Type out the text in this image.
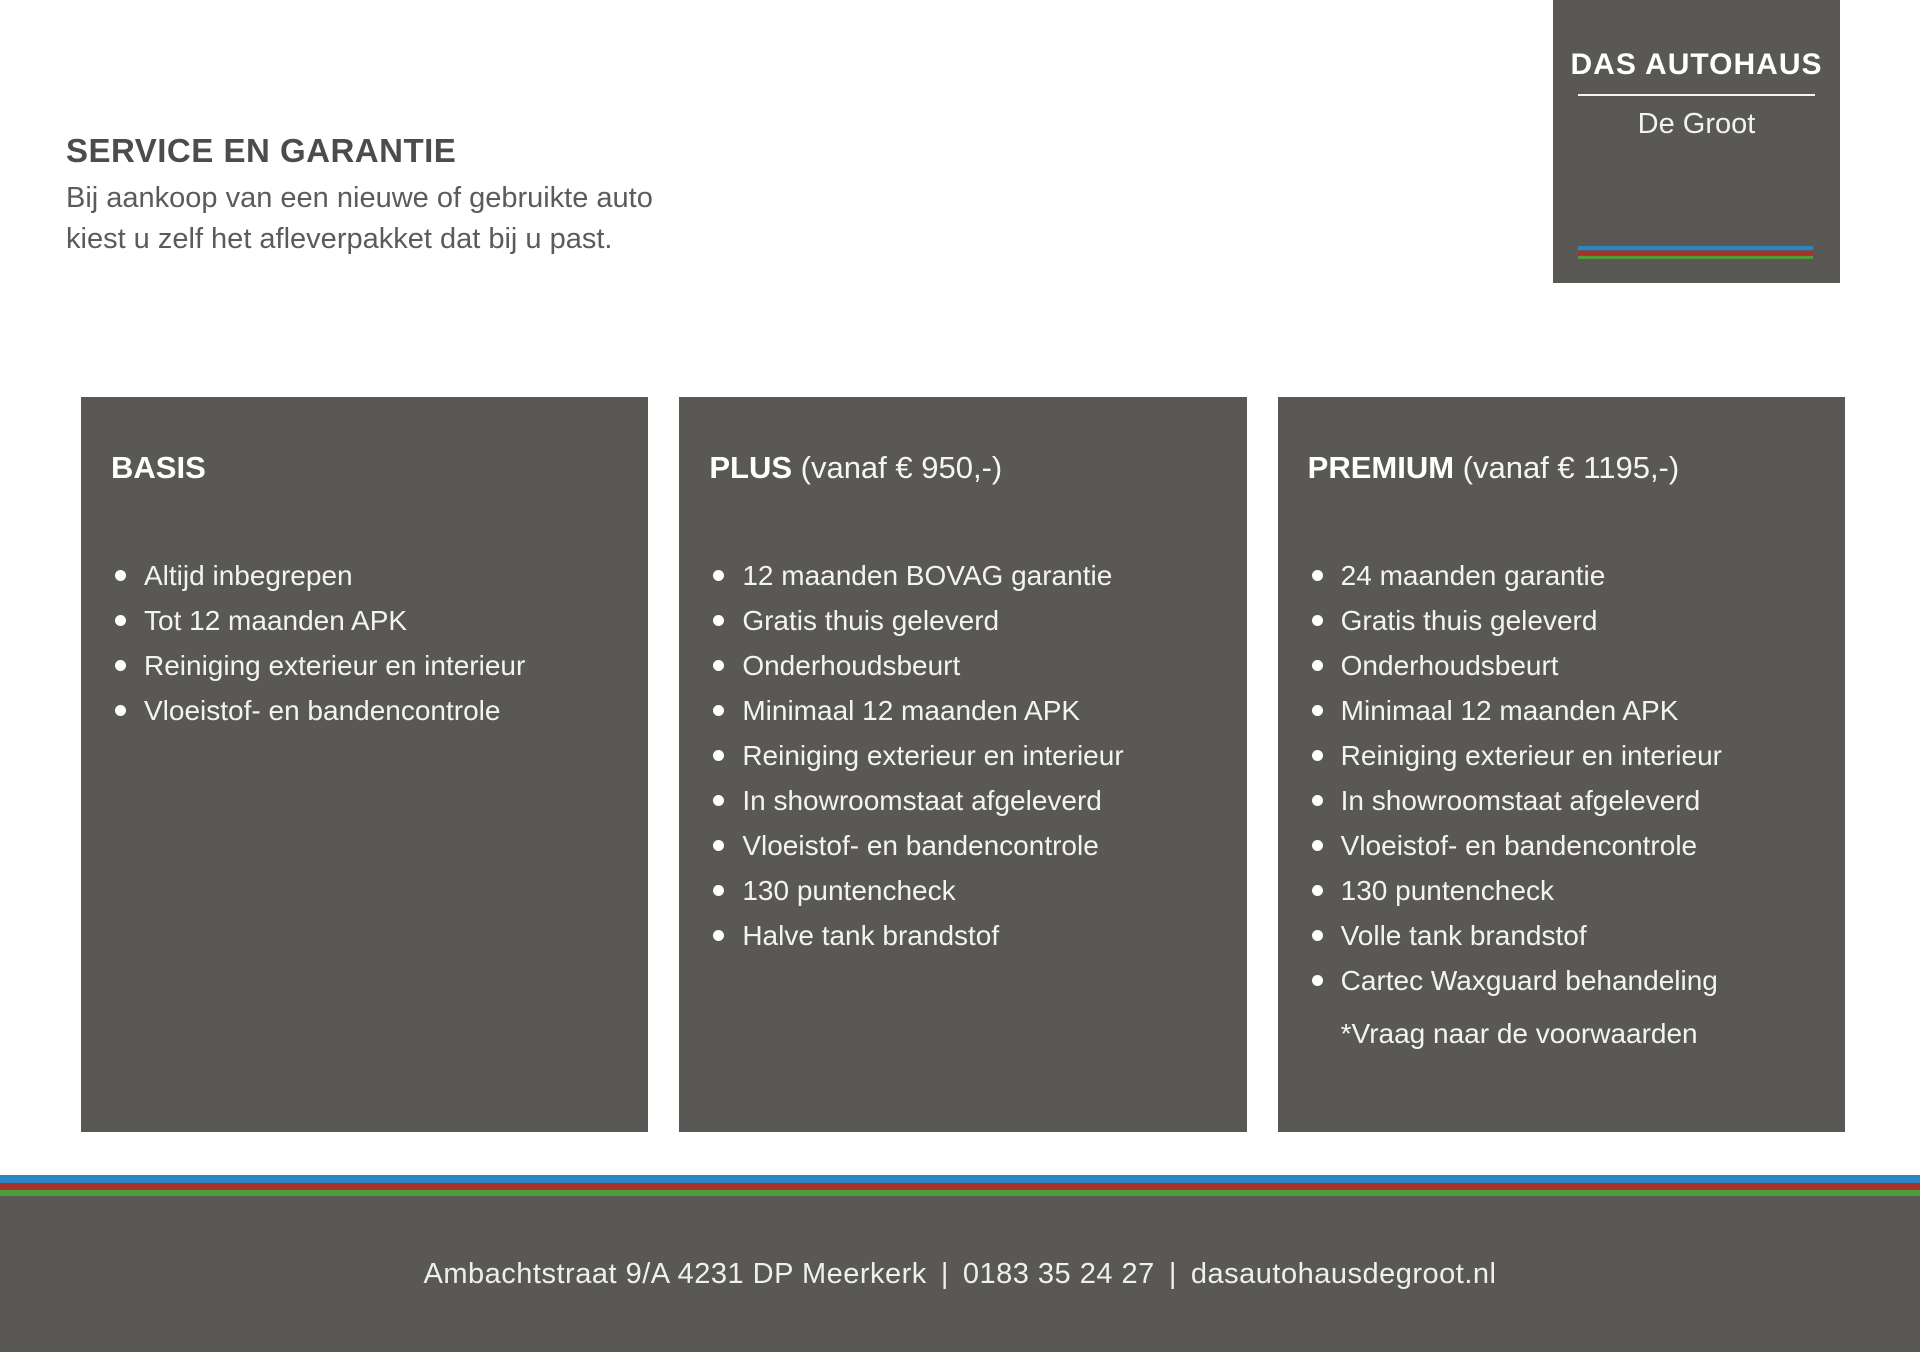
SERVICE EN GARANTIE

Bij aankoop van een nieuwe of gebruikte auto
kiest u zelf het afleverpakket dat bij u past.

DAS AUTOHAUS
De Groot
BASIS
Altijd inbegrepen
Tot 12 maanden APK
Reiniging exterieur en interieur
Vloeistof- en bandencontrole
PLUS (vanaf € 950,-)
12 maanden BOVAG garantie
Gratis thuis geleverd
Onderhoudsbeurt
Minimaal 12 maanden APK
Reiniging exterieur en interieur
In showroomstaat afgeleverd
Vloeistof- en bandencontrole
130 puntencheck
Halve tank brandstof
PREMIUM (vanaf € 1195,-)
24 maanden garantie
Gratis thuis geleverd
Onderhoudsbeurt
Minimaal 12 maanden APK
Reiniging exterieur en interieur
In showroomstaat afgeleverd
Vloeistof- en bandencontrole
130 puntencheck
Volle tank brandstof
Cartec Waxguard behandeling
*Vraag naar de voorwaarden
Ambachtstraat 9/A 4231 DP Meerkerk | 0183 35 24 27 | dasautohausdegroot.nl
